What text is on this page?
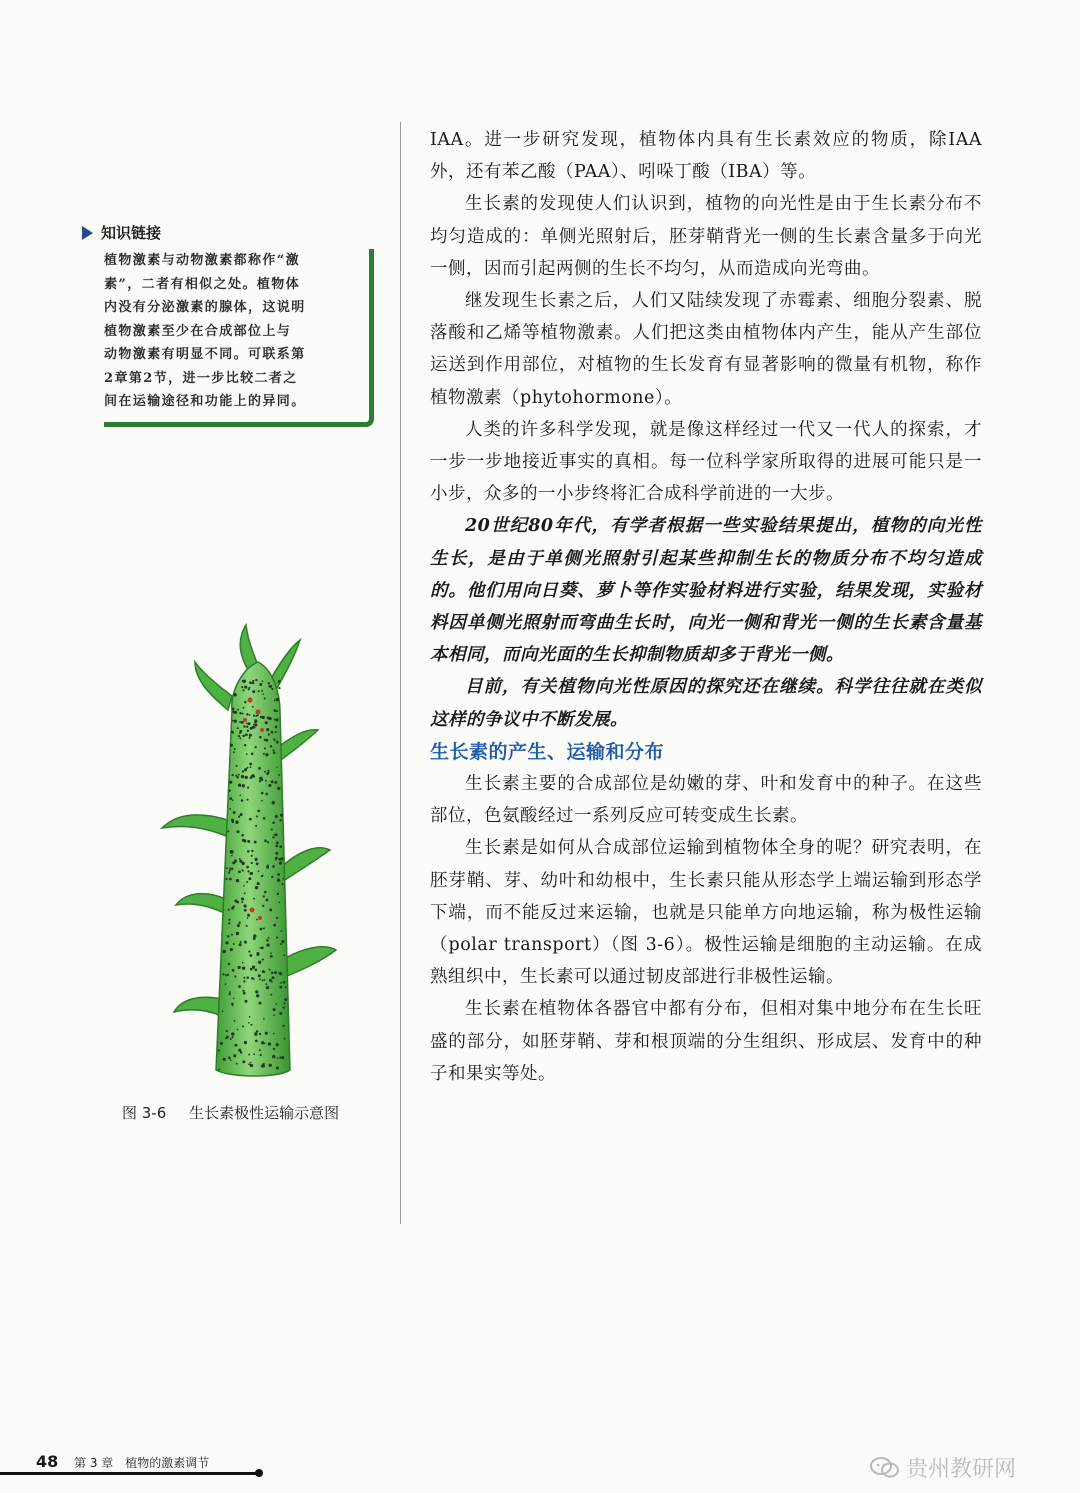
知识链接

植物激素与动物激素都称作“激

素”，二者有相似之处。植物体

内没有分泌激素的腺体，这说明

植物激素至少在合成部位上与

动物激素有明显不同。可联系第

2章第2节，进一步比较二者之

间在运输途径和功能上的异同。

图 3-6 生长素极性运输示意图

IAA。进一步研究发现，植物体内具有生长素效应的物质，除IAA外，还有苯乙酸（PAA）、吲哚丁酸（IBA）等。

生长素的发现使人们认识到，植物的向光性是由于生长素分布不均匀造成的：单侧光照射后，胚芽鞘背光一侧的生长素含量多于向光一侧，因而引起两侧的生长不均匀，从而造成向光弯曲。

继发现生长素之后，人们又陆续发现了赤霉素、细胞分裂素、脱落酸和乙烯等植物激素。人们把这类由植物体内产生，能从产生部位运送到作用部位，对植物的生长发育有显著影响的微量有机物，称作植物激素（phytohormone）。

人类的许多科学发现，就是像这样经过一代又一代人的探索，才一步一步地接近事实的真相。每一位科学家所取得的进展可能只是一小步，众多的一小步终将汇合成科学前进的一大步。

20世纪80年代，有学者根据一些实验结果提出，植物的向光性生长，是由于单侧光照射引起某些抑制生长的物质分布不均匀造成的。他们用向日葵、萝卜等作实验材料进行实验，结果发现，实验材料因单侧光照射而弯曲生长时，向光一侧和背光一侧的生长素含量基本相同，而向光面的生长抑制物质却多于背光一侧。

目前，有关植物向光性原因的探究还在继续。科学往往就在类似这样的争议中不断发展。

生长素的产生、运输和分布

生长素主要的合成部位是幼嫩的芽、叶和发育中的种子。在这些部位，色氨酸经过一系列反应可转变成生长素。

生长素是如何从合成部位运输到植物体全身的呢？研究表明，在胚芽鞘、芽、幼叶和幼根中，生长素只能从形态学上端运输到形态学下端，而不能反过来运输，也就是只能单方向地运输，称为极性运输（polar transport）（图 3-6）。极性运输是细胞的主动运输。在成熟组织中，生长素可以通过韧皮部进行非极性运输。

生长素在植物体各器官中都有分布，但相对集中地分布在生长旺盛的部分，如胚芽鞘、芽和根顶端的分生组织、形成层、发育中的种子和果实等处。

48 第 3 章　植物的激素调节	贵州教研网
